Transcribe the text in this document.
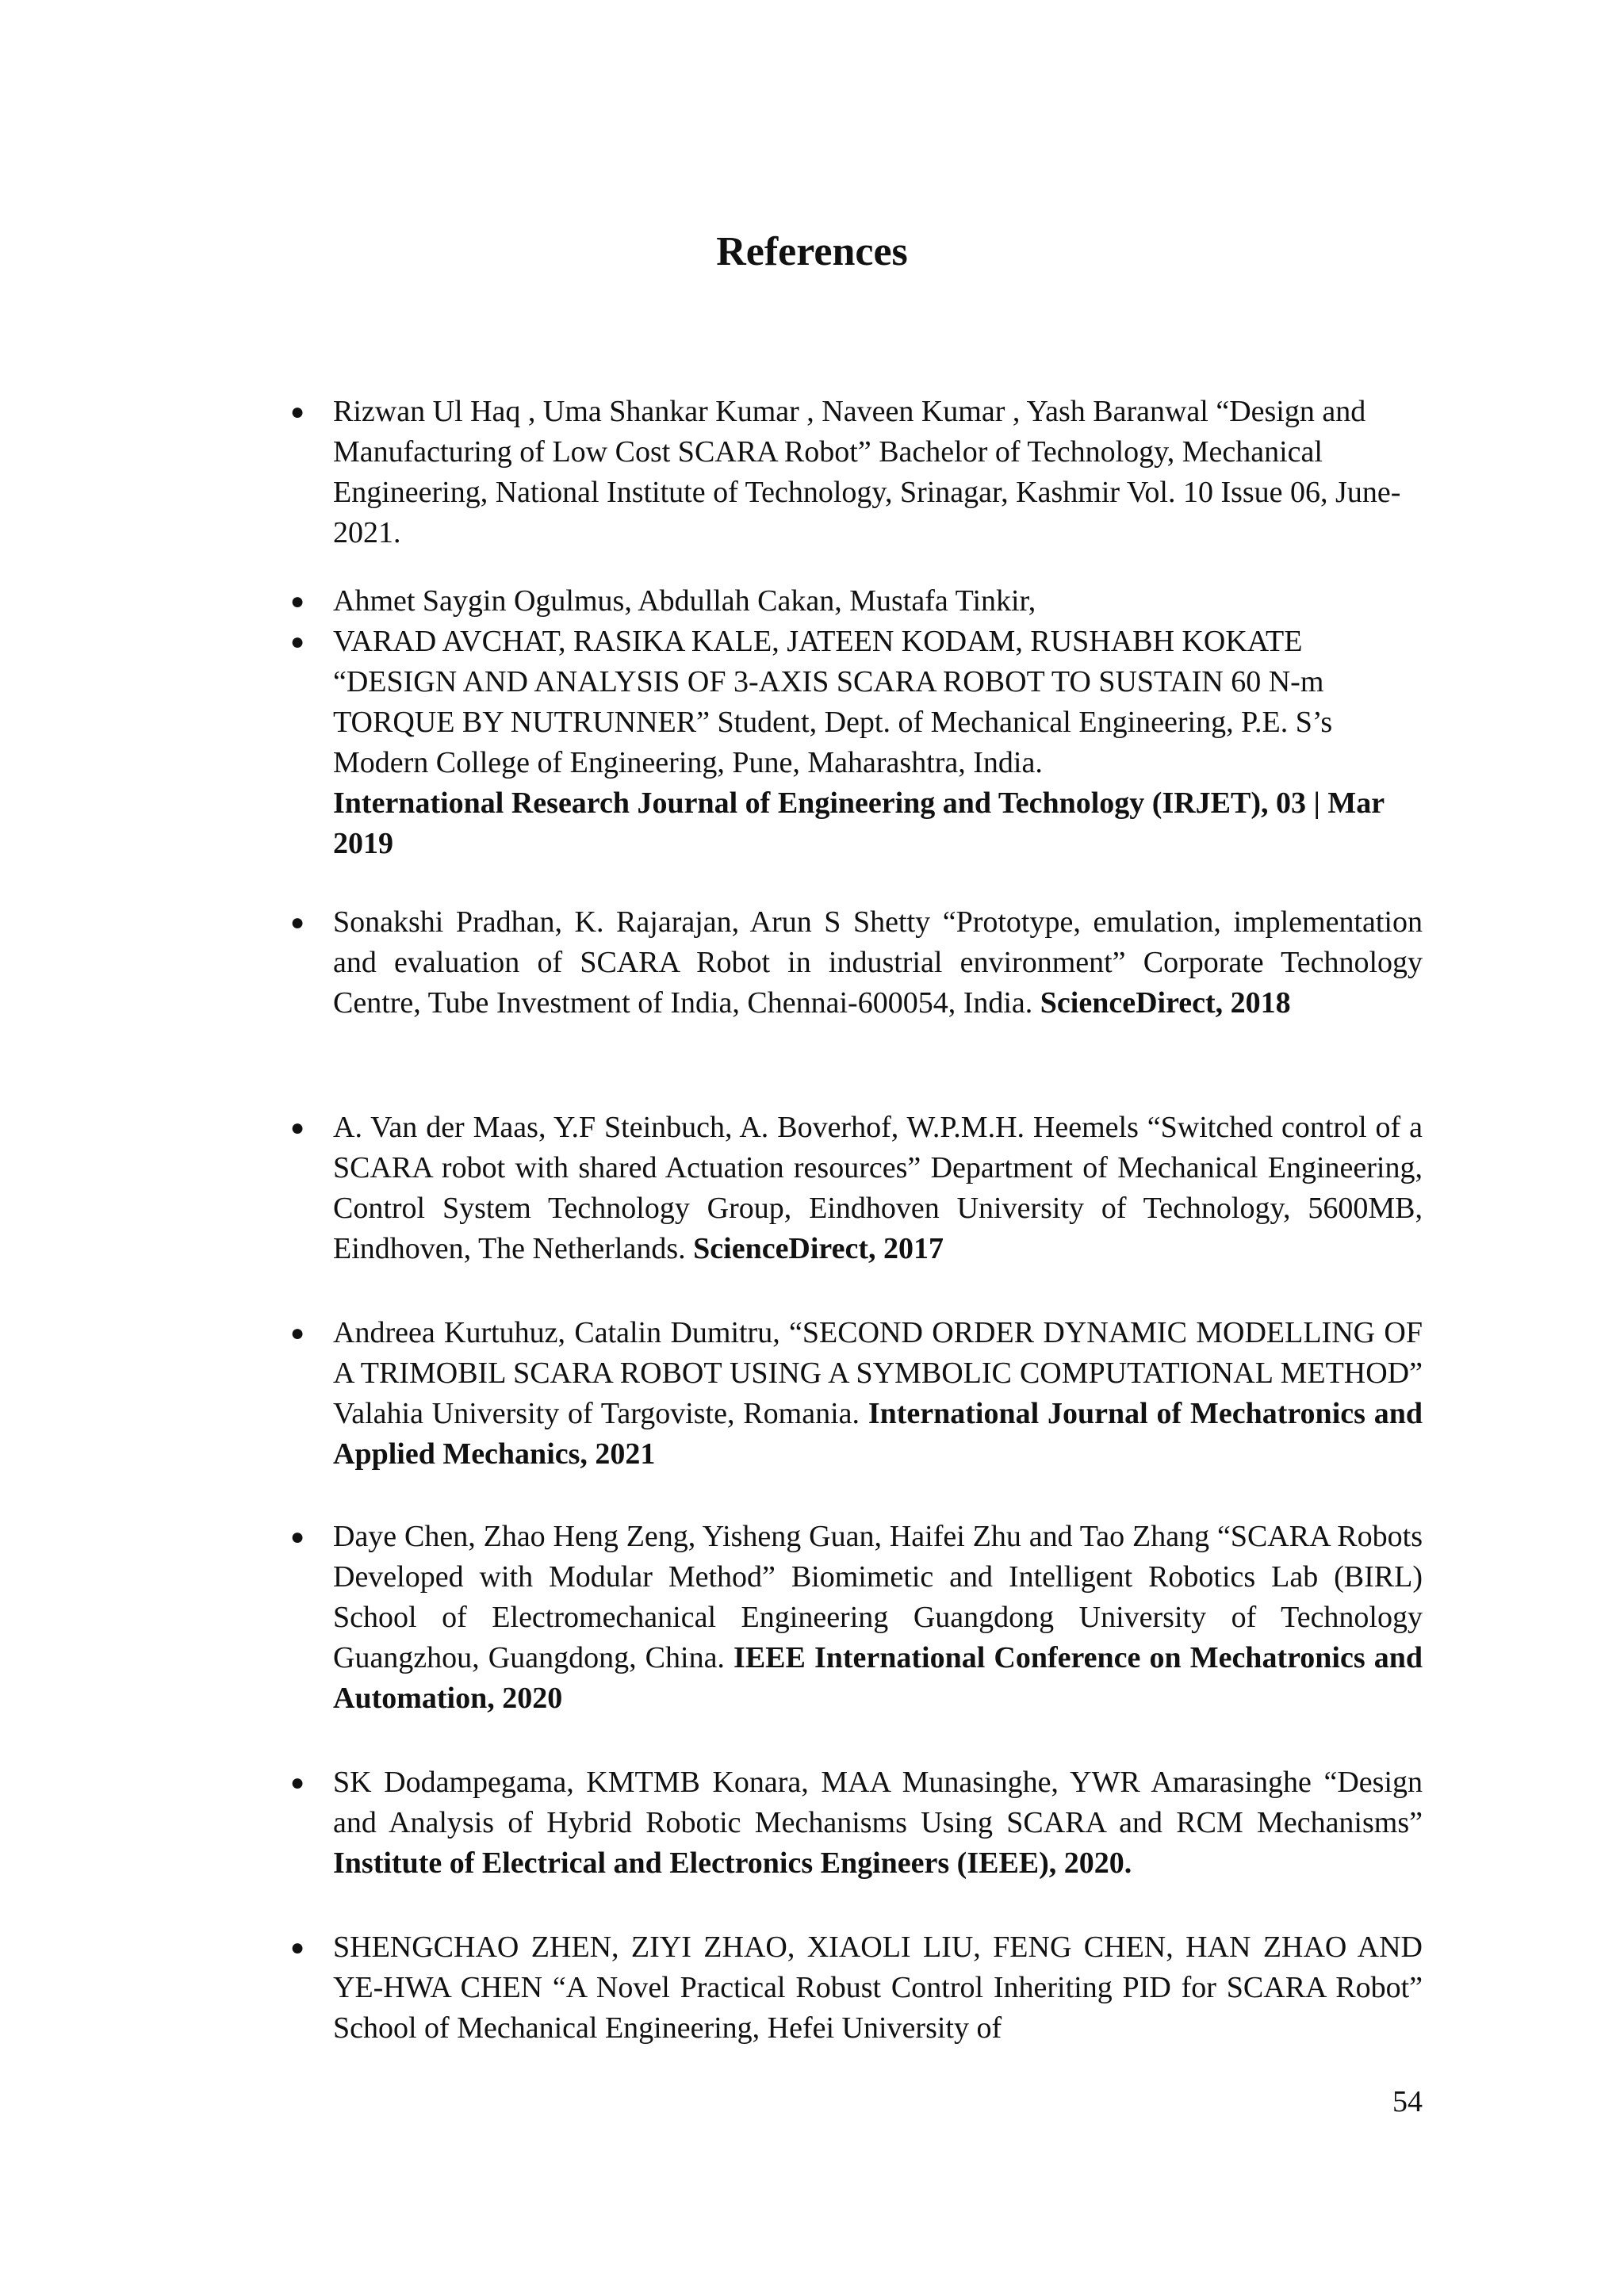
References
● Rizwan Ul Haq , Uma Shankar Kumar , Naveen Kumar , Yash Baranwal “Design and Manufacturing of Low Cost SCARA Robot” Bachelor of Technology, Mechanical Engineering, National Institute of Technology, Srinagar, Kashmir Vol. 10 Issue 06, June-2021.
● Ahmet Saygin Ogulmus, Abdullah Cakan, Mustafa Tinkir,
● VARAD AVCHAT, RASIKA KALE, JATEEN KODAM, RUSHABH KOKATE “DESIGN AND ANALYSIS OF 3-AXIS SCARA ROBOT TO SUSTAIN 60 N-m TORQUE BY NUTRUNNER” Student, Dept. of Mechanical Engineering, P.E. S’s Modern College of Engineering, Pune, Maharashtra, India.
International Research Journal of Engineering and Technology (IRJET), 03 | Mar 2019
● Sonakshi Pradhan, K. Rajarajan, Arun S Shetty “Prototype, emulation, implementation and evaluation of SCARA Robot in industrial environment” Corporate Technology Centre, Tube Investment of India, Chennai-600054, India. ScienceDirect, 2018
● A. Van der Maas, Y.F Steinbuch, A. Boverhof, W.P.M.H. Heemels “Switched control of a SCARA robot with shared Actuation resources” Department of Mechanical Engineering, Control System Technology Group, Eindhoven University of Technology, 5600MB, Eindhoven, The Netherlands. ScienceDirect, 2017
● Andreea Kurtuhuz, Catalin Dumitru, “SECOND ORDER DYNAMIC MODELLING OF A TRIMOBIL SCARA ROBOT USING A SYMBOLIC COMPUTATIONAL METHOD” Valahia University of Targoviste, Romania. International Journal of Mechatronics and Applied Mechanics, 2021
● Daye Chen, Zhao Heng Zeng, Yisheng Guan, Haifei Zhu and Tao Zhang “SCARA Robots Developed with Modular Method” Biomimetic and Intelligent Robotics Lab (BIRL) School of Electromechanical Engineering Guangdong University of Technology Guangzhou, Guangdong, China. IEEE International Conference on Mechatronics and Automation, 2020
● SK Dodampegama, KMTMB Konara, MAA Munasinghe, YWR Amarasinghe “Design and Analysis of Hybrid Robotic Mechanisms Using SCARA and RCM Mechanisms” Institute of Electrical and Electronics Engineers (IEEE), 2020.
● SHENGCHAO ZHEN, ZIYI ZHAO, XIAOLI LIU, FENG CHEN, HAN ZHAO AND YE-HWA CHEN “A Novel Practical Robust Control Inheriting PID for SCARA Robot” School of Mechanical Engineering, Hefei University of
54
